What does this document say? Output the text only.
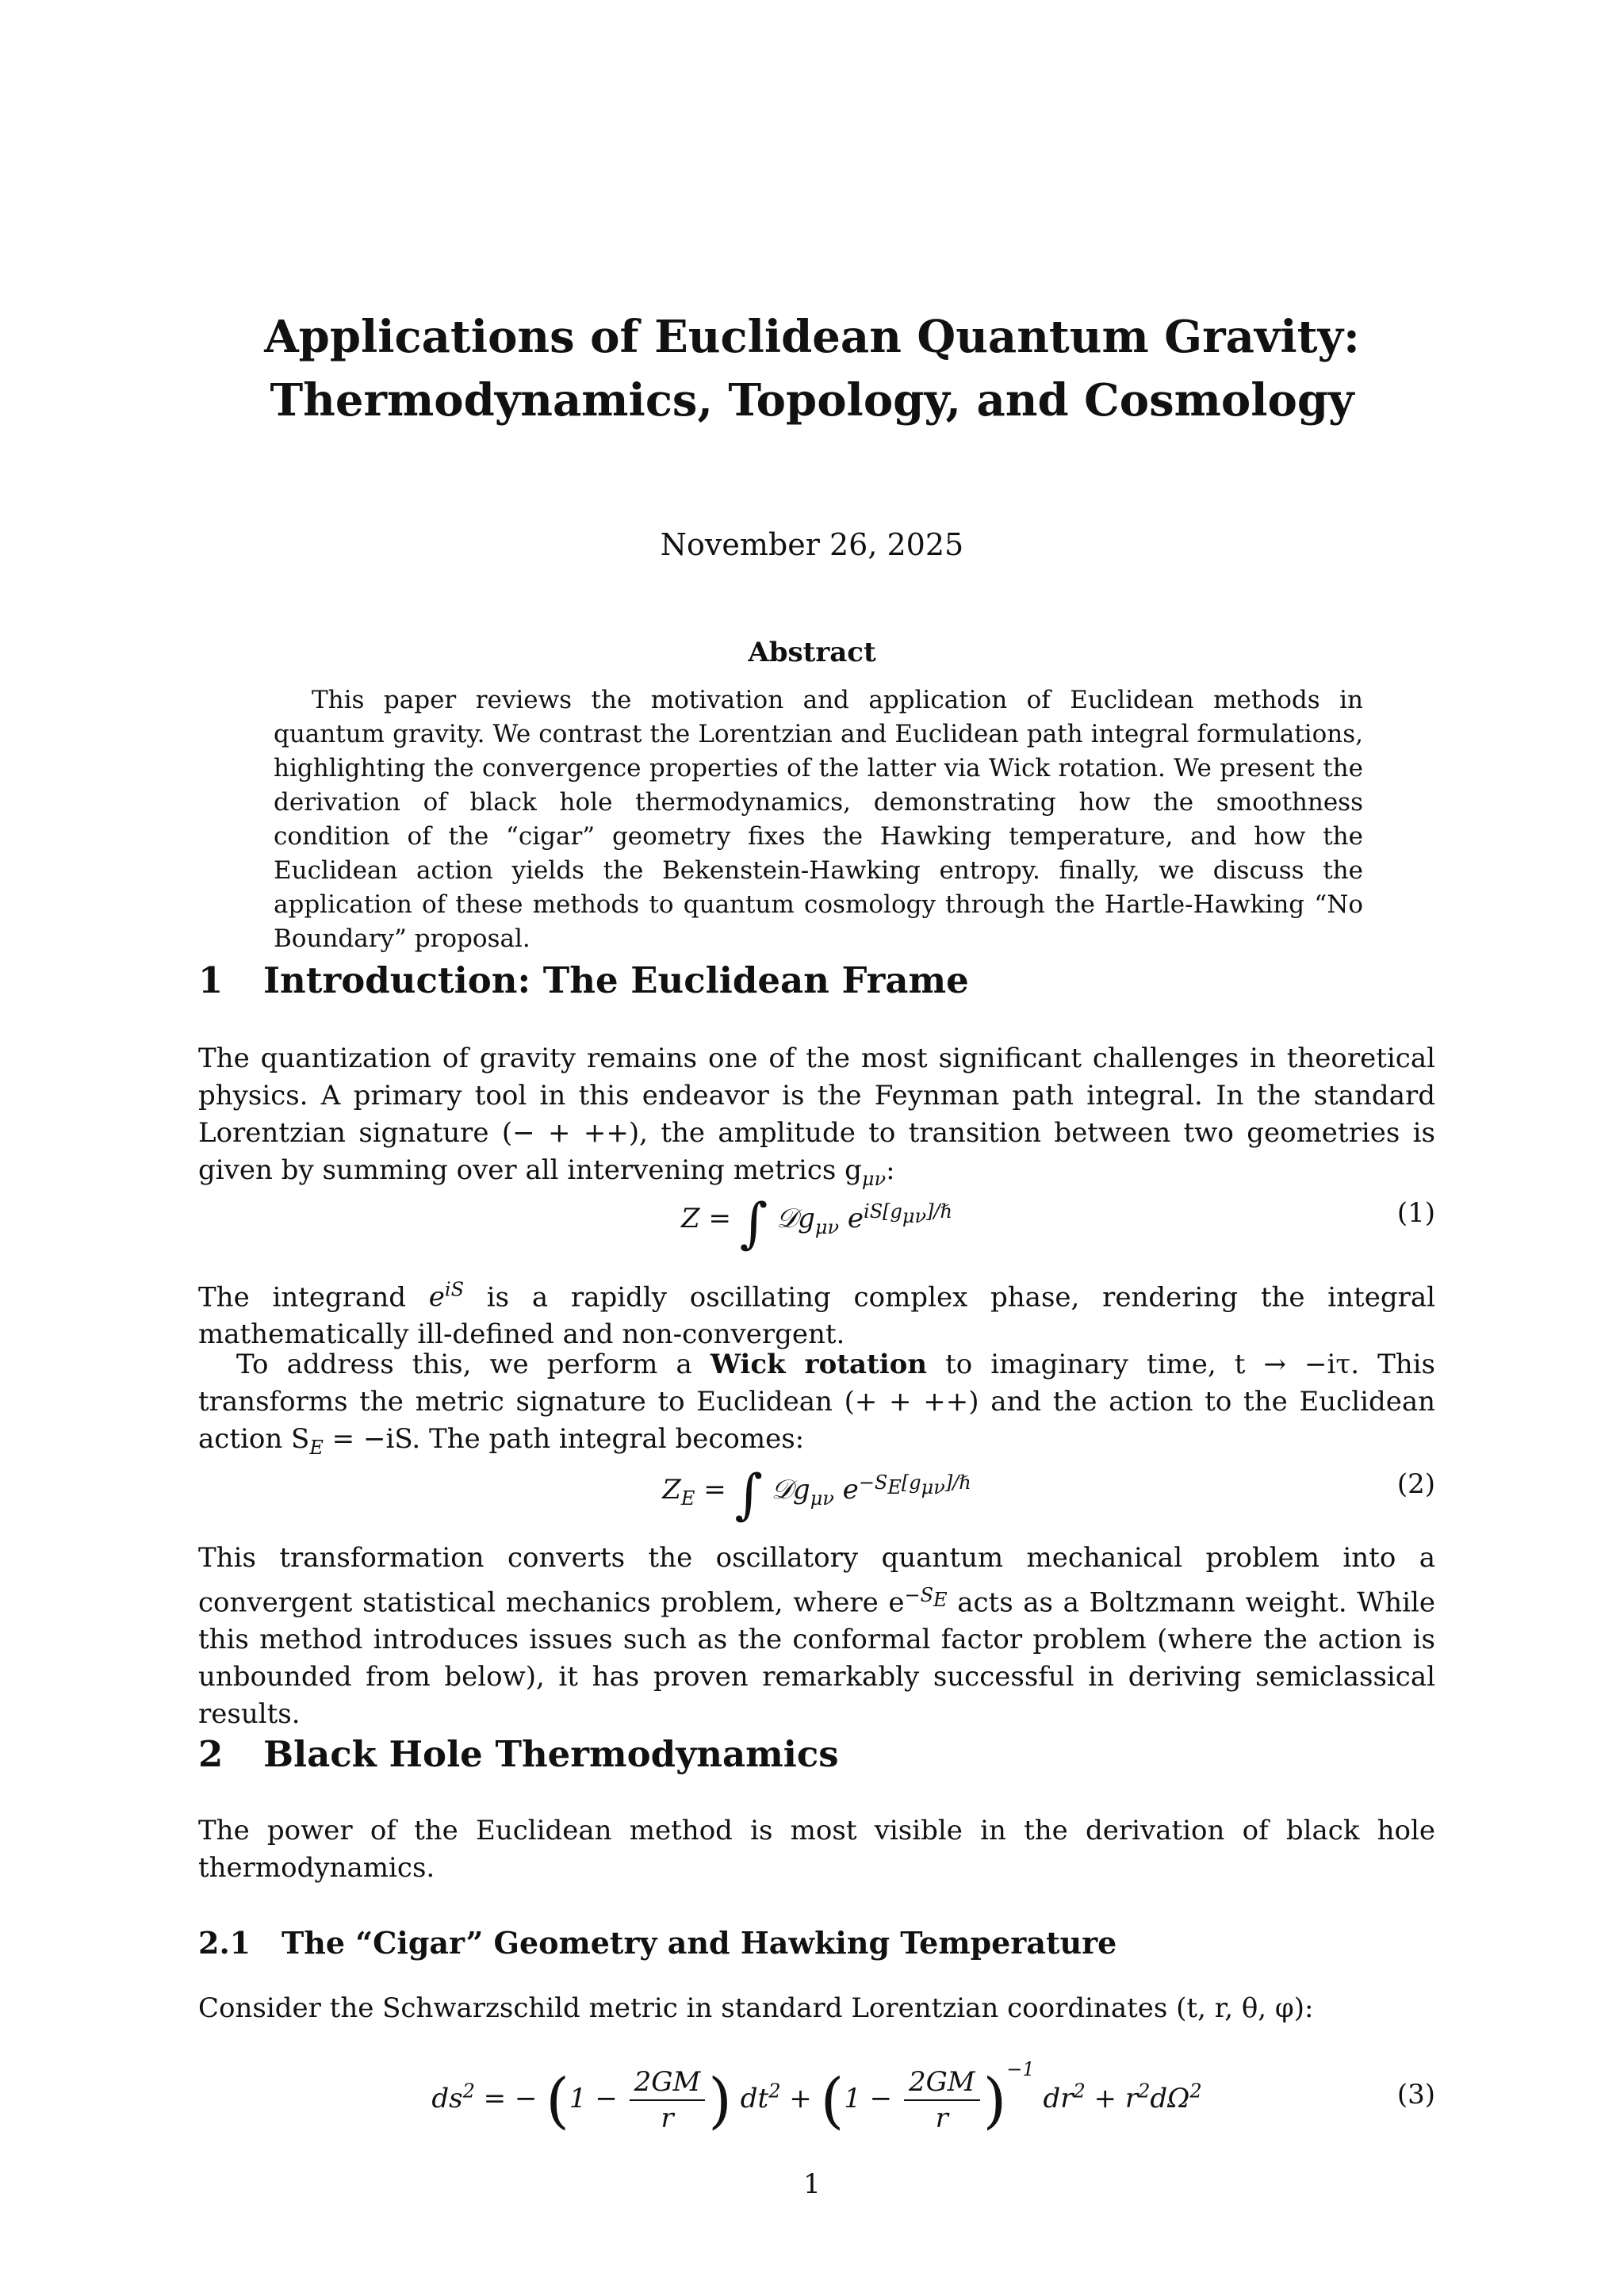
Applications of Euclidean Quantum Gravity:
Thermodynamics, Topology, and Cosmology
November 26, 2025
Abstract
This paper reviews the motivation and application of Euclidean methods in quantum gravity. We contrast the Lorentzian and Euclidean path integral formulations, highlighting the convergence properties of the latter via Wick rotation. We present the derivation of black hole thermodynamics, demonstrating how the smoothness condition of the “cigar” geometry fixes the Hawking temperature, and how the Euclidean action yields the Bekenstein-Hawking entropy. finally, we discuss the application of these methods to quantum cosmology through the Hartle-Hawking “No Boundary” proposal.
1 Introduction: The Euclidean Frame
The quantization of gravity remains one of the most significant challenges in theoretical physics. A primary tool in this endeavor is the Feynman path integral. In the standard Lorentzian signature (− + ++), the amplitude to transition between two geometries is given by summing over all intervening metrics $g_{\mu\nu}$:
Z = ∫ 𝒟g$_{\mu\nu}$ $e^{iS[g_{\mu\nu}]/\hbar}$	(1)
The integrand $e^{iS}$ is a rapidly oscillating complex phase, rendering the integral mathematically ill-defined and non-convergent.
To address this, we perform a Wick rotation to imaginary time, t → −iτ. This transforms the metric signature to Euclidean (+ + ++) and the action to the Euclidean action $S_E = -iS$. The path integral becomes:
$Z_E$ = ∫ 𝒟g$_{\mu\nu}$ $e^{-S_E[g_{\mu\nu}]/\hbar}$	(2)
This transformation converts the oscillatory quantum mechanical problem into a convergent statistical mechanics problem, where $e^{-S_E}$ acts as a Boltzmann weight. While this method introduces issues such as the conformal factor problem (where the action is unbounded from below), it has proven remarkably successful in deriving semiclassical results.
2 Black Hole Thermodynamics
The power of the Euclidean method is most visible in the derivation of black hole thermodynamics.
2.1 The “Cigar” Geometry and Hawking Temperature
Consider the Schwarzschild metric in standard Lorentzian coordinates (t, r, θ, φ):
$ds^2$ = − ($1 - \frac{2GM}{r}$ ) $dt^2 + (1 - \frac{2GM}{r} )^{-1}$ $dr^2 + r^2d\Omega^2$	(3)
1
